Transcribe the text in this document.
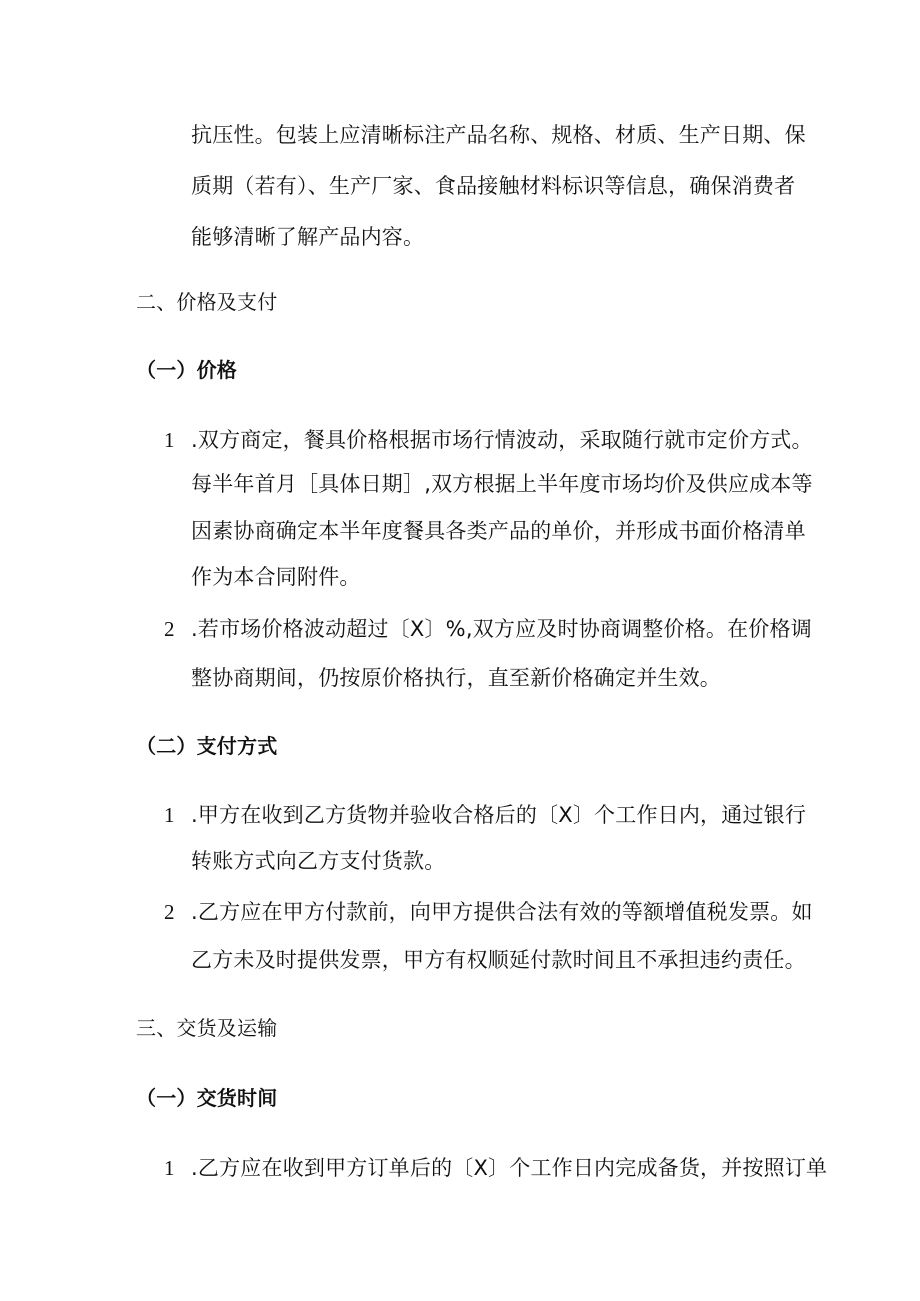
抗压性。包装上应清晰标注产品名称、规格、材质、生产日期、保
质期（若有）、生产厂家、食品接触材料标识等信息，确保消费者
能够清晰了解产品内容。
二、价格及支付
（一）价格
1 .双方商定，餐具价格根据市场行情波动，采取随行就市定价方式。
每半年首月［具体日期］,双方根据上半年度市场均价及供应成本等
因素协商确定本半年度餐具各类产品的单价，并形成书面价格清单
作为本合同附件。
2 .若市场价格波动超过〔X〕%,双方应及时协商调整价格。在价格调
整协商期间，仍按原价格执行，直至新价格确定并生效。
（二）支付方式
1 .甲方在收到乙方货物并验收合格后的〔X〕个工作日内，通过银行
转账方式向乙方支付货款。
2 .乙方应在甲方付款前，向甲方提供合法有效的等额增值税发票。如
乙方未及时提供发票，甲方有权顺延付款时间且不承担违约责任。
三、交货及运输
（一）交货时间
1 .乙方应在收到甲方订单后的〔X〕个工作日内完成备货，并按照订单
